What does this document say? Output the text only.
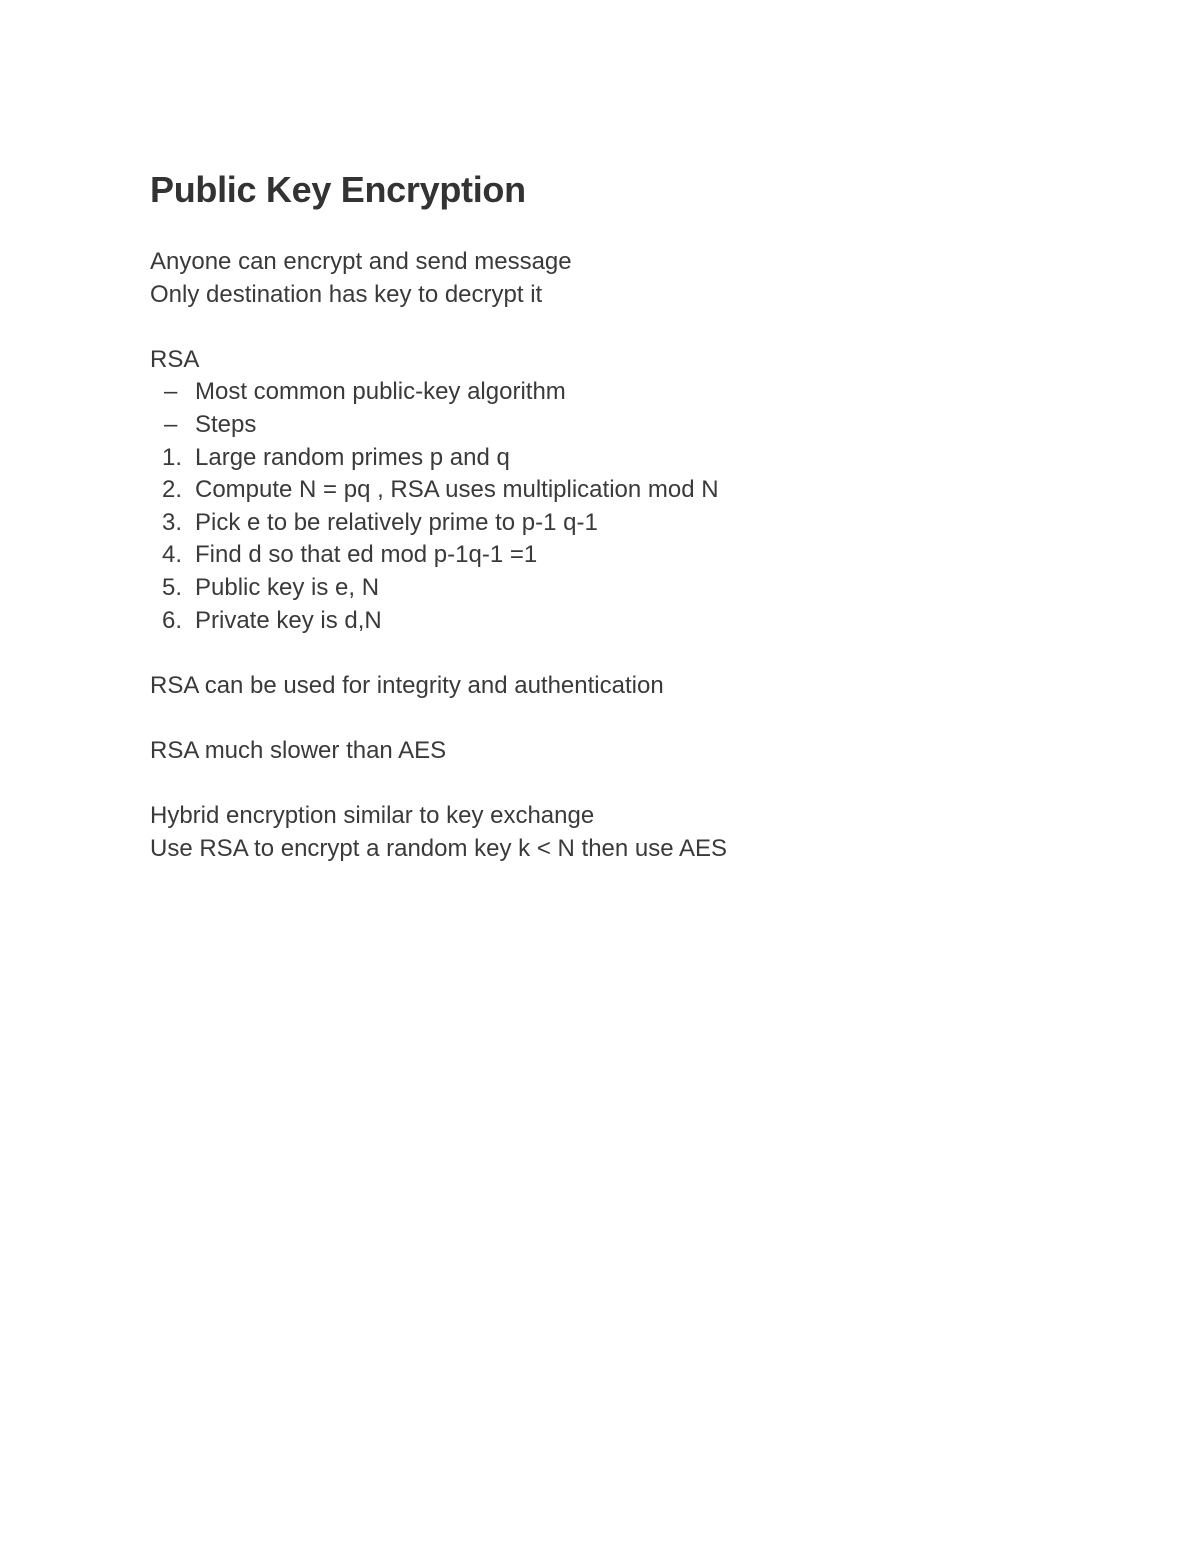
Public Key Encryption
Anyone can encrypt and send message
Only destination has key to decrypt it
RSA
– Most common public-key algorithm
– Steps
1. Large random primes p and q
2. Compute N = pq , RSA uses multiplication mod N
3. Pick e to be relatively prime to p-1 q-1
4. Find d so that ed mod p-1q-1 =1
5. Public key is e, N
6. Private key is d,N
RSA can be used for integrity and authentication
RSA much slower than AES
Hybrid encryption similar to key exchange
Use RSA to encrypt a random key k < N then use AES
